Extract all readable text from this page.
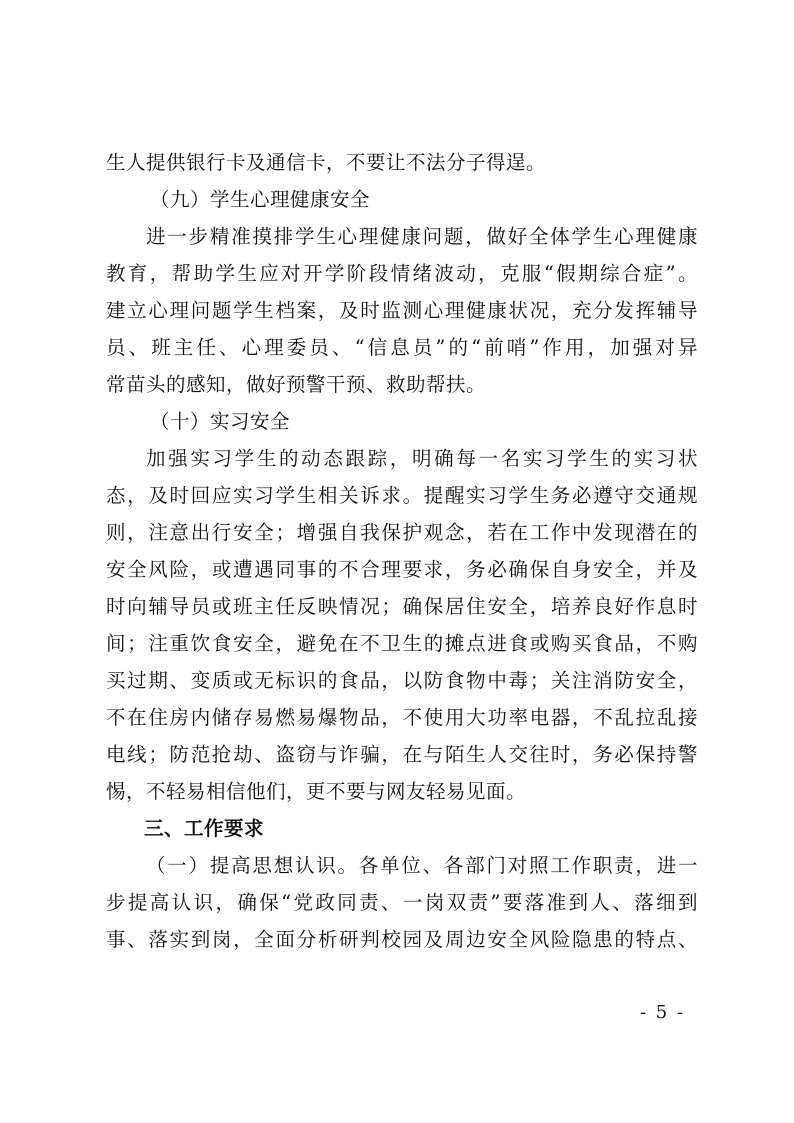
生人提供银行卡及通信卡，不要让不法分子得逞。
（九）学生心理健康安全
进一步精准摸排学生心理健康问题，做好全体学生心理健康
教育，帮助学生应对开学阶段情绪波动，克服“假期综合症”。
建立心理问题学生档案，及时监测心理健康状况，充分发挥辅导
员、班主任、心理委员、“信息员”的“前哨”作用，加强对异
常苗头的感知，做好预警干预、救助帮扶。
（十）实习安全
加强实习学生的动态跟踪，明确每一名实习学生的实习状
态，及时回应实习学生相关诉求。提醒实习学生务必遵守交通规
则，注意出行安全；增强自我保护观念，若在工作中发现潜在的
安全风险，或遭遇同事的不合理要求，务必确保自身安全，并及
时向辅导员或班主任反映情况；确保居住安全，培养良好作息时
间；注重饮食安全，避免在不卫生的摊点进食或购买食品，不购
买过期、变质或无标识的食品，以防食物中毒；关注消防安全，
不在住房内储存易燃易爆物品，不使用大功率电器，不乱拉乱接
电线；防范抢劫、盗窃与诈骗，在与陌生人交往时，务必保持警
惕，不轻易相信他们，更不要与网友轻易见面。
三、工作要求
（一）提高思想认识。各单位、各部门对照工作职责，进一
步提高认识，确保“党政同责、一岗双责”要落准到人、落细到
事、落实到岗，全面分析研判校园及周边安全风险隐患的特点、
- 5 -
